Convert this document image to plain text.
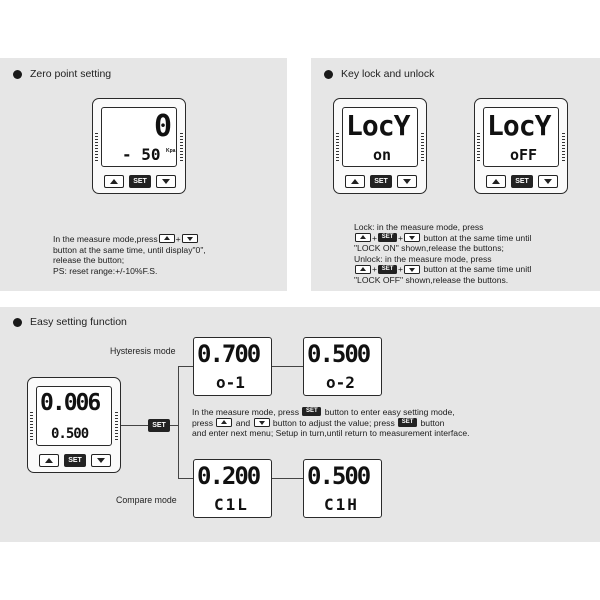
Zero point setting
0
- 50 Kpa
SET
In the measure mode,press +
button at the same time, until display"0",
release the button;
PS: reset range:+/-10%F.S.
Key lock and unlock
LocY
on
SET
LocY
oFF
SET
Lock: in the measure mode, press
+ SET + button at the same time until
"LOCK ON" shown,release the buttons;
Unlock: in the measure mode, press
+ SET + button at the same time unitl
"LOCK OFF" shown,release the buttons.
Easy setting function
0.006
0.500
SET
SET
Hysteresis mode
Compare mode
0.700
o-1
0.500
o-2
0.200
C1L
0.500
C1H
In the measure mode, press SET button to enter easy setting mode,
press	and	button to adjust the value; press SET button
and enter next menu; Setup in turn,until return to measurement interface.
